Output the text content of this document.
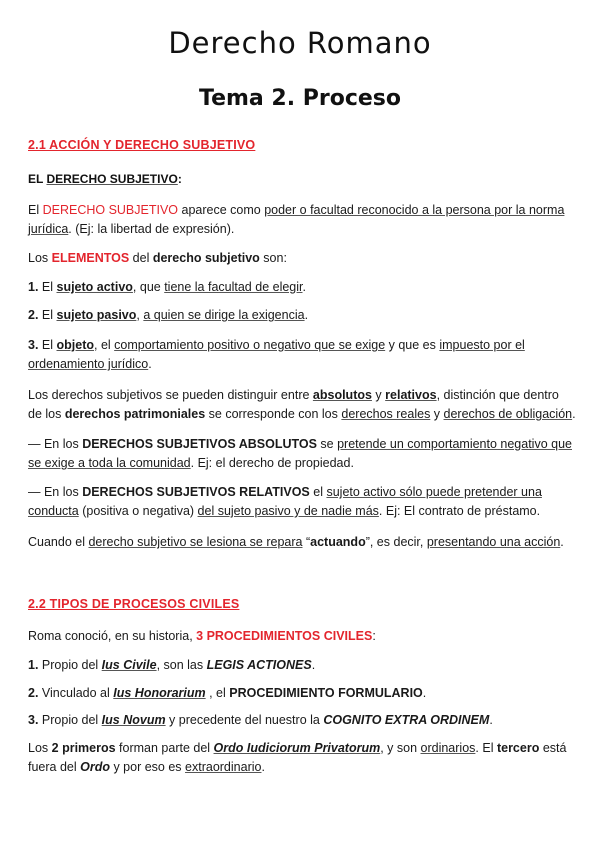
Derecho Romano
Tema 2. Proceso
2.1 ACCIÓN Y DERECHO SUBJETIVO
EL DERECHO SUBJETIVO:
El DERECHO SUBJETIVO aparece como poder o facultad reconocido a la persona por la norma jurídica. (Ej: la libertad de expresión).
Los ELEMENTOS del derecho subjetivo son:
1. El sujeto activo, que tiene la facultad de elegir.
2. El sujeto pasivo, a quien se dirige la exigencia.
3. El objeto, el comportamiento positivo o negativo que se exige y que es impuesto por el ordenamiento jurídico.
Los derechos subjetivos se pueden distinguir entre absolutos y relativos, distinción que dentro de los derechos patrimoniales se corresponde con los derechos reales y derechos de obligación.
— En los DERECHOS SUBJETIVOS ABSOLUTOS se pretende un comportamiento negativo que se exige a toda la comunidad. Ej: el derecho de propiedad.
— En los DERECHOS SUBJETIVOS RELATIVOS el sujeto activo sólo puede pretender una conducta (positiva o negativa) del sujeto pasivo y de nadie más. Ej: El contrato de préstamo.
Cuando el derecho subjetivo se lesiona se repara “actuando”, es decir, presentando una acción.
2.2 TIPOS DE PROCESOS CIVILES
Roma conoció, en su historia, 3 PROCEDIMIENTOS CIVILES:
1. Propio del Ius Civile, son las LEGIS ACTIONES.
2. Vinculado al Ius Honorarium , el PROCEDIMIENTO FORMULARIO.
3. Propio del Ius Novum y precedente del nuestro la COGNITO EXTRA ORDINEM.
Los 2 primeros forman parte del Ordo Iudiciorum Privatorum, y son ordinarios. El tercero está fuera del Ordo y por eso es extraordinario.
